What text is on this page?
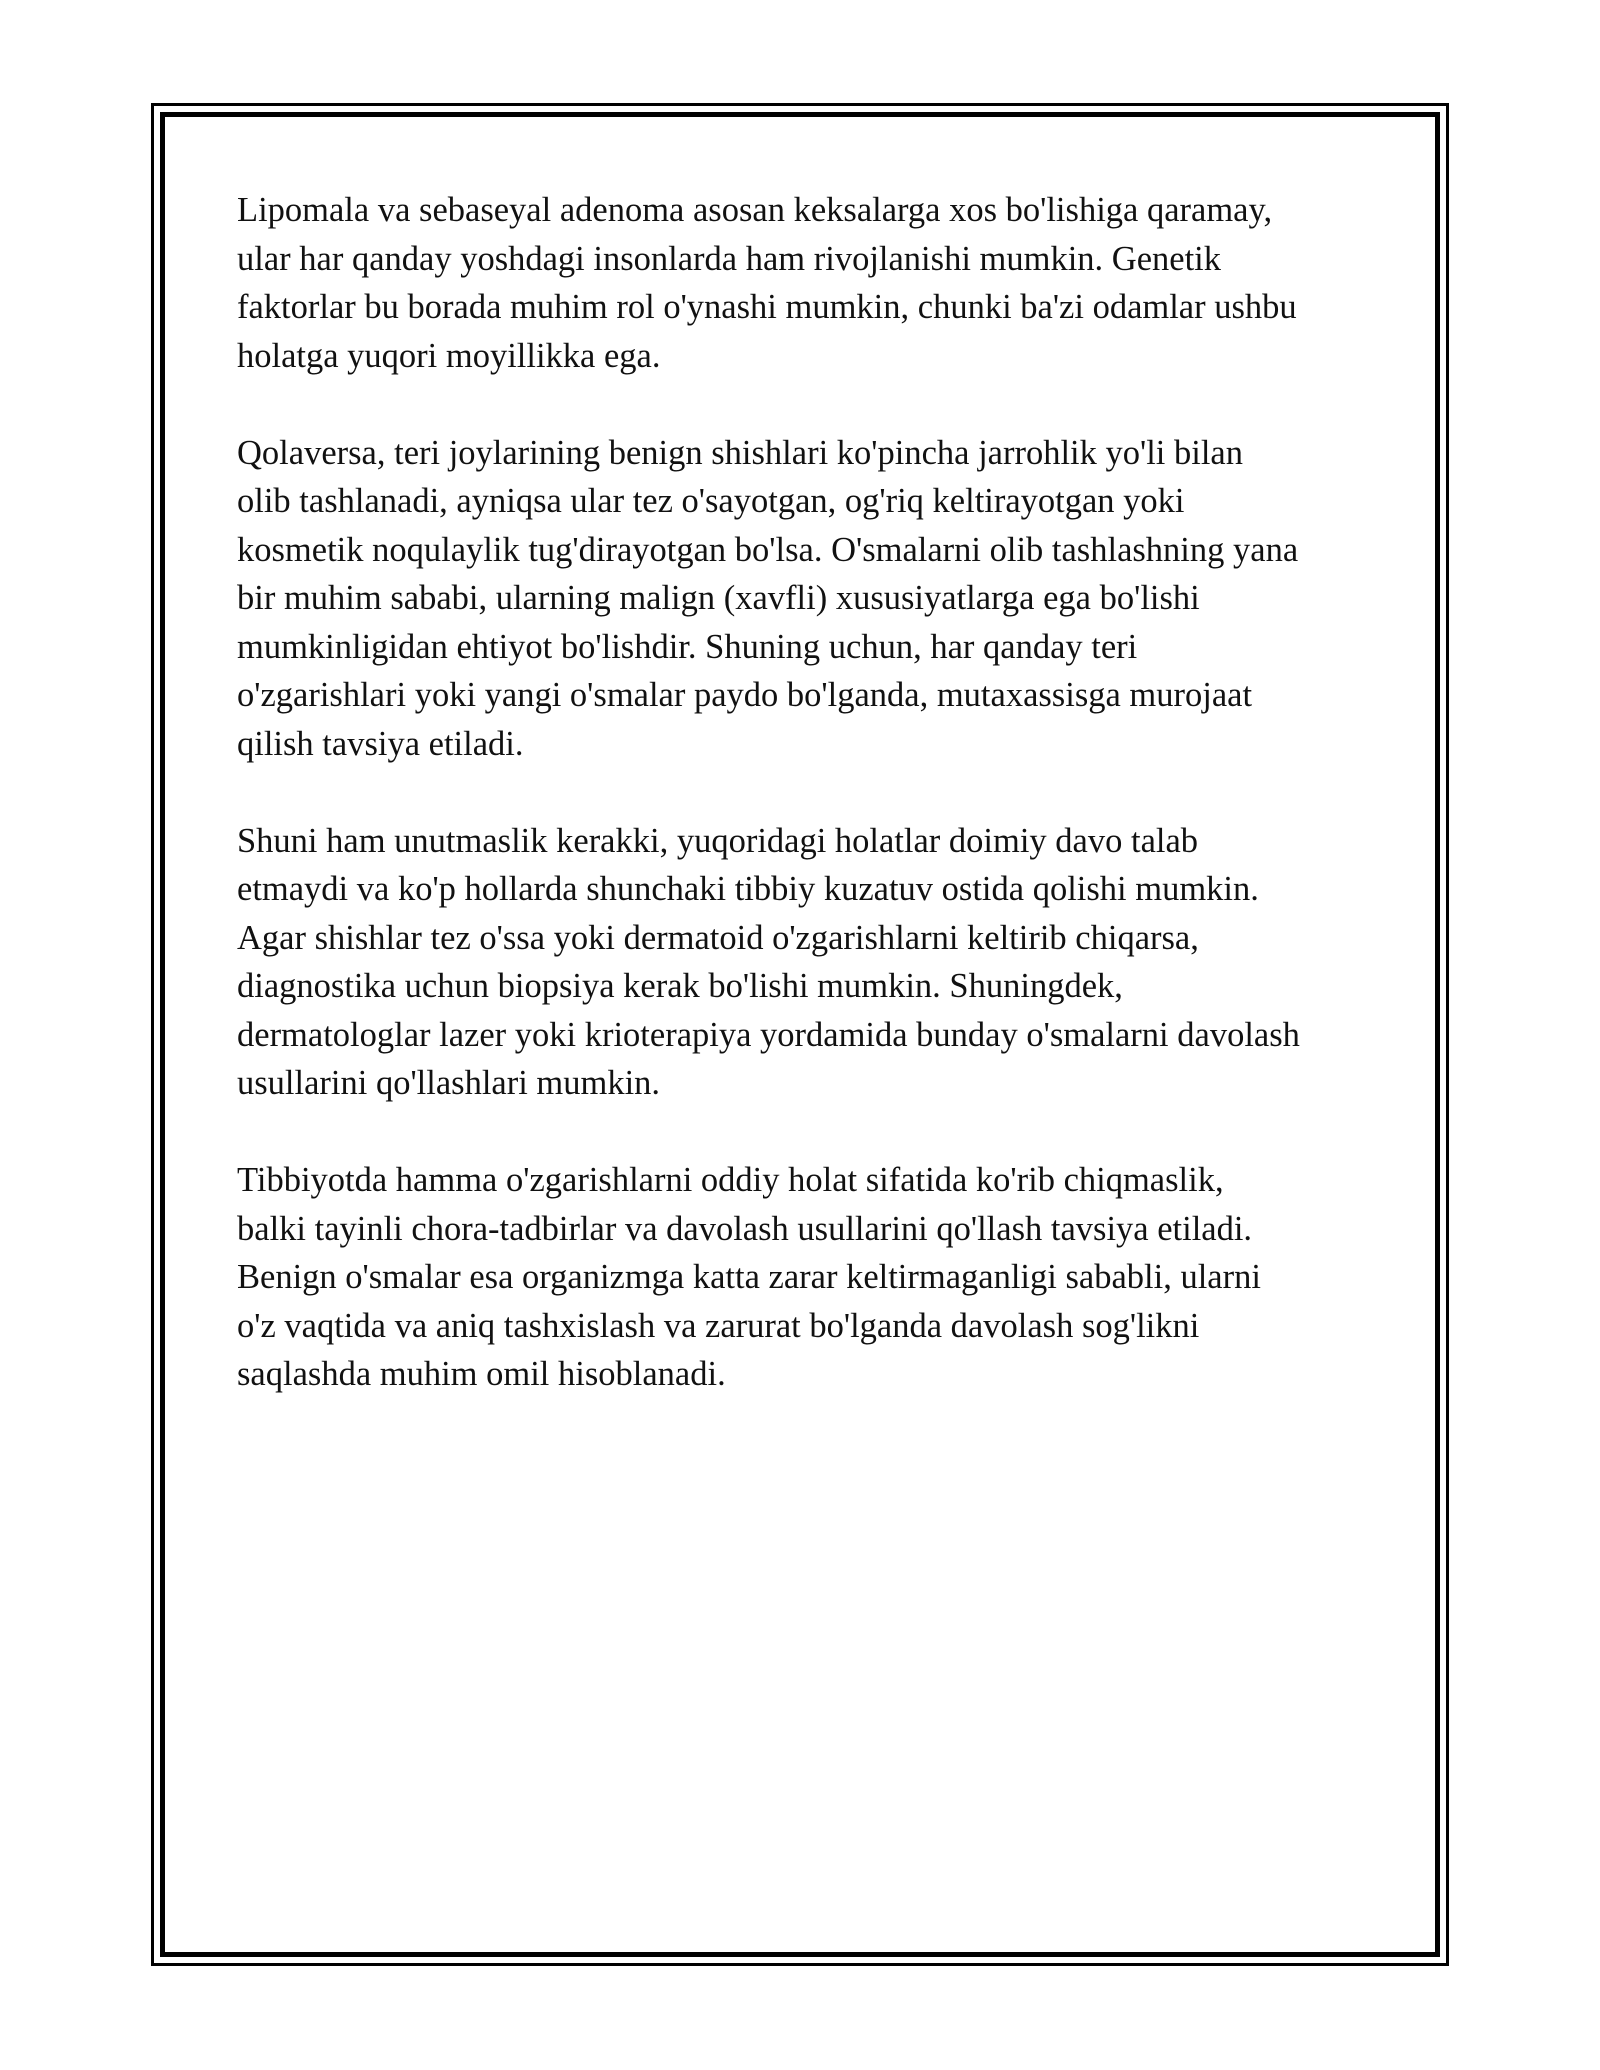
Lipomala va sebaseyal adenoma asosan keksalarga xos bo'lishiga qaramay,
ular har qanday yoshdagi insonlarda ham rivojlanishi mumkin. Genetik
faktorlar bu borada muhim rol o'ynashi mumkin, chunki ba'zi odamlar ushbu
holatga yuqori moyillikka ega.

Qolaversa, teri joylarining benign shishlari ko'pincha jarrohlik yo'li bilan
olib tashlanadi, ayniqsa ular tez o'sayotgan, og'riq keltirayotgan yoki
kosmetik noqulaylik tug'dirayotgan bo'lsa. O'smalarni olib tashlashning yana
bir muhim sababi, ularning malign (xavfli) xususiyatlarga ega bo'lishi
mumkinligidan ehtiyot bo'lishdir. Shuning uchun, har qanday teri
o'zgarishlari yoki yangi o'smalar paydo bo'lganda, mutaxassisga murojaat
qilish tavsiya etiladi.

Shuni ham unutmaslik kerakki, yuqoridagi holatlar doimiy davo talab
etmaydi va ko'p hollarda shunchaki tibbiy kuzatuv ostida qolishi mumkin.
Agar shishlar tez o'ssa yoki dermatoid o'zgarishlarni keltirib chiqarsa,
diagnostika uchun biopsiya kerak bo'lishi mumkin. Shuningdek,
dermatologlar lazer yoki krioterapiya yordamida bunday o'smalarni davolash
usullarini qo'llashlari mumkin.

Tibbiyotda hamma o'zgarishlarni oddiy holat sifatida ko'rib chiqmaslik,
balki tayinli chora-tadbirlar va davolash usullarini qo'llash tavsiya etiladi.
Benign o'smalar esa organizmga katta zarar keltirmaganligi sababli, ularni
o'z vaqtida va aniq tashxislash va zarurat bo'lganda davolash sog'likni
saqlashda muhim omil hisoblanadi.
